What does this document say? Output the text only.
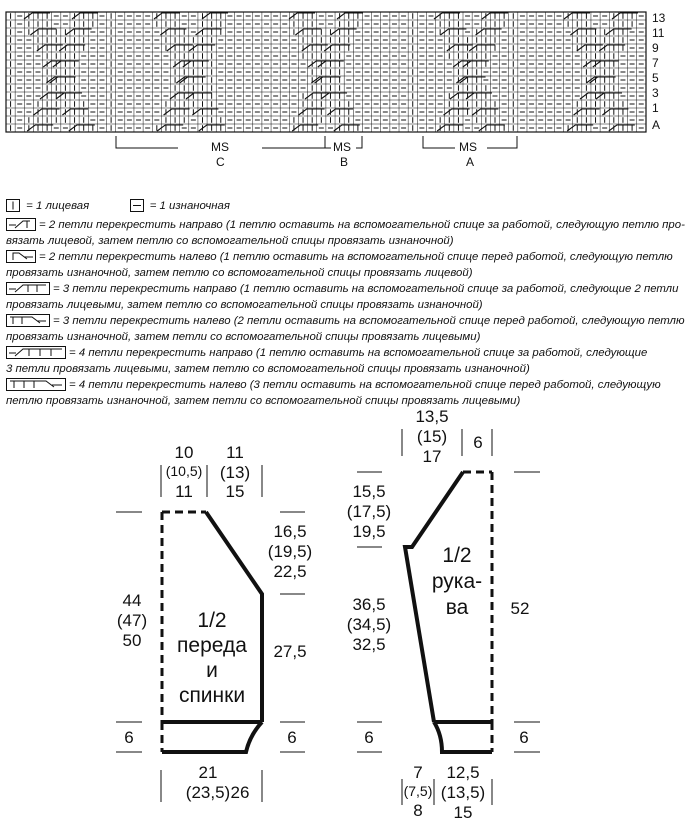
13
11
9
7
5
3
1
A
MS
C
MS
B
MS
A
= 1 лицевая	= 1 изнаночная
= 2 петли перекрестить направо (1 петлю оставить на вспомогательной спице за работой, следующую петлю про-
вязать лицевой, затем петлю со вспомогательной спицы провязать изнаночной)
= 2 петли перекрестить налево (1 петлю оставить на вспомогательной спице перед работой, следующую петлю
провязать изнаночной, затем петлю со вспомогательной спицы провязать лицевой)
= 3 петли перекрестить направо (1 петлю оставить на вспомогательной спице за работой, следующие 2 петли
провязать лицевыми, затем петлю со вспомогательной спицы провязать изнаночной)
= 3 петли перекрестить налево (2 петли оставить на вспомогательной спице перед работой, следующую петлю
провязать изнаночной, затем петли со вспомогательной спицы провязать лицевыми)
= 4 петли перекрестить направо (1 петлю оставить на вспомогательной спице за работой, следующие
3 петли провязать лицевыми, затем петлю со вспомогательной спицы провязать изнаночной)
= 4 петли перекрестить налево (3 петли оставить на вспомогательной спице перед работой, следующую
петлю провязать изнаночной, затем петли со вспомогательной спицы провязать лицевыми)
1/2
переда
и
спинки
10
(10,5)
11
11
(13)
15
16,5
(19,5)
22,5
44
(47)
50
27,5
6	6
21
(23,5) 26
1/2
рука-
ва
13,5
(15)
17
6
15,5
(17,5)
19,5
36,5
(34,5)
32,5
52
6	6
7
(7,5)
8
12,5
(13,5)
15
